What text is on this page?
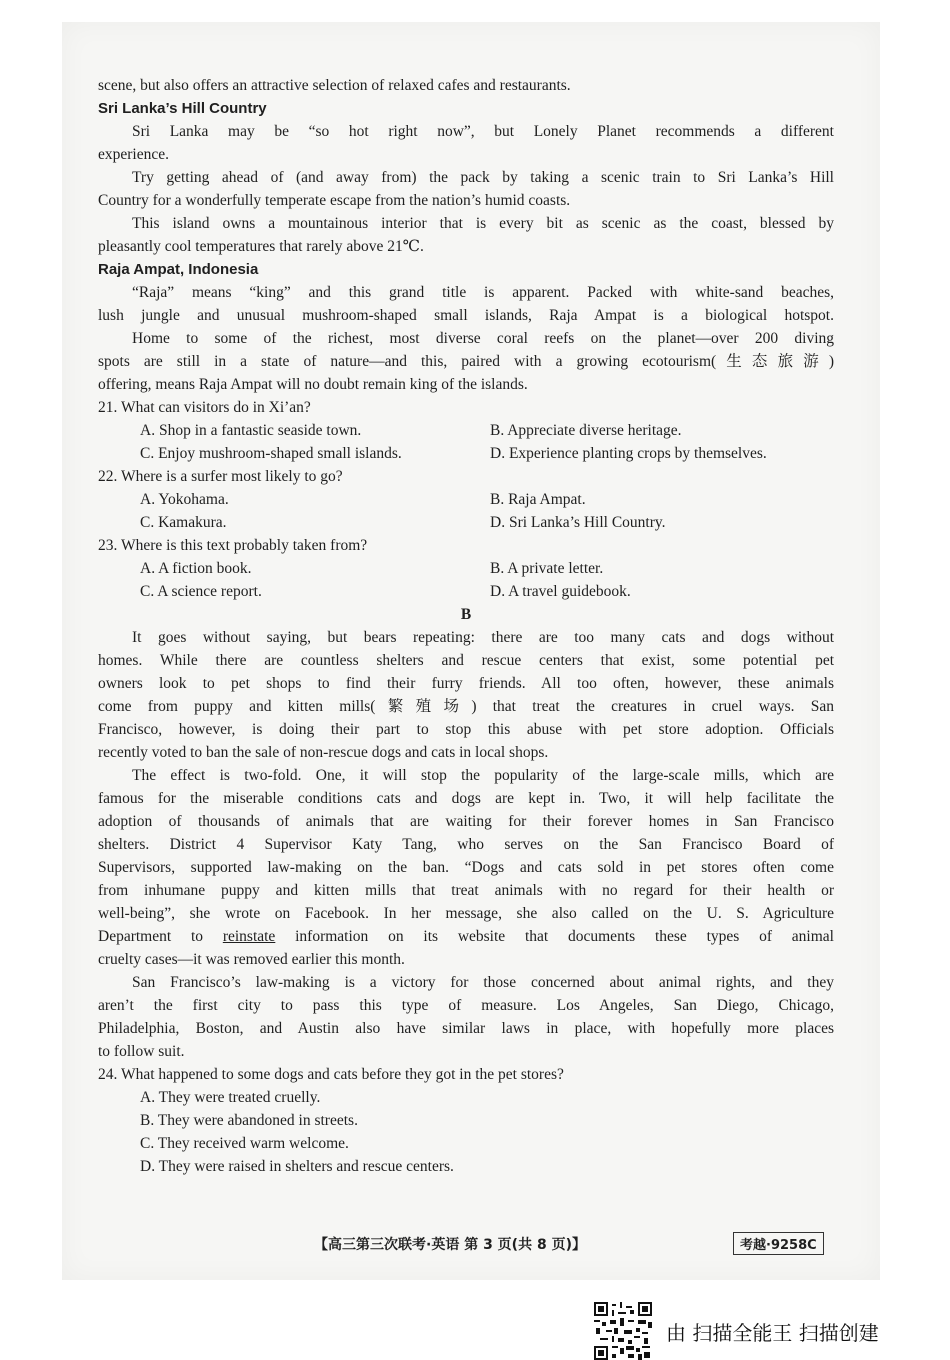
scene, but also offers an attractive selection of relaxed cafes and restaurants.
Sri Lanka’s Hill Country
Sri Lanka may be “so hot right now”, but Lonely Planet recommends a different
experience.
Try getting ahead of (and away from) the pack by taking a scenic train to Sri Lanka’s Hill
Country for a wonderfully temperate escape from the nation’s humid coasts.
This island owns a mountainous interior that is every bit as scenic as the coast, blessed by
pleasantly cool temperatures that rarely above 21℃.
Raja Ampat, Indonesia
“Raja” means “king” and this grand title is apparent. Packed with white-sand beaches,
lush jungle and unusual mushroom-shaped small islands, Raja Ampat is a biological hotspot.
Home to some of the richest, most diverse coral reefs on the planet—over 200 diving
spots are still in a state of nature—and this, paired with a growing ecotourism(生态旅游)
offering, means Raja Ampat will no doubt remain king of the islands.
21. What can visitors do in Xi’an?
A. Shop in a fantastic seaside town.	B. Appreciate diverse heritage.
C. Enjoy mushroom-shaped small islands.	D. Experience planting crops by themselves.
22. Where is a surfer most likely to go?
A. Yokohama.	B. Raja Ampat.
C. Kamakura.	D. Sri Lanka’s Hill Country.
23. Where is this text probably taken from?
A. A fiction book.	B. A private letter.
C. A science report.	D. A travel guidebook.
B
It goes without saying, but bears repeating: there are too many cats and dogs without
homes. While there are countless shelters and rescue centers that exist, some potential pet
owners look to pet shops to find their furry friends. All too often, however, these animals
come from puppy and kitten mills(繁殖场) that treat the creatures in cruel ways. San
Francisco, however, is doing their part to stop this abuse with pet store adoption. Officials
recently voted to ban the sale of non-rescue dogs and cats in local shops.
The effect is two-fold. One, it will stop the popularity of the large-scale mills, which are
famous for the miserable conditions cats and dogs are kept in. Two, it will help facilitate the
adoption of thousands of animals that are waiting for their forever homes in San Francisco
shelters. District 4 Supervisor Katy Tang, who serves on the San Francisco Board of
Supervisors, supported law-making on the ban. “Dogs and cats sold in pet stores often come
from inhumane puppy and kitten mills that treat animals with no regard for their health or
well-being”, she wrote on Facebook. In her message, she also called on the U. S. Agriculture
Department to reinstate information on its website that documents these types of animal
cruelty cases—it was removed earlier this month.
San Francisco’s law-making is a victory for those concerned about animal rights, and they
aren’t the first city to pass this type of measure. Los Angeles, San Diego, Chicago,
Philadelphia, Boston, and Austin also have similar laws in place, with hopefully more places
to follow suit.
24. What happened to some dogs and cats before they got in the pet stores?
A. They were treated cruelly.
B. They were abandoned in streets.
C. They received warm welcome.
D. They were raised in shelters and rescue centers.
【高三第三次联考·英语 第 3 页(共 8 页)】	考越·9258C
由 扫描全能王 扫描创建
